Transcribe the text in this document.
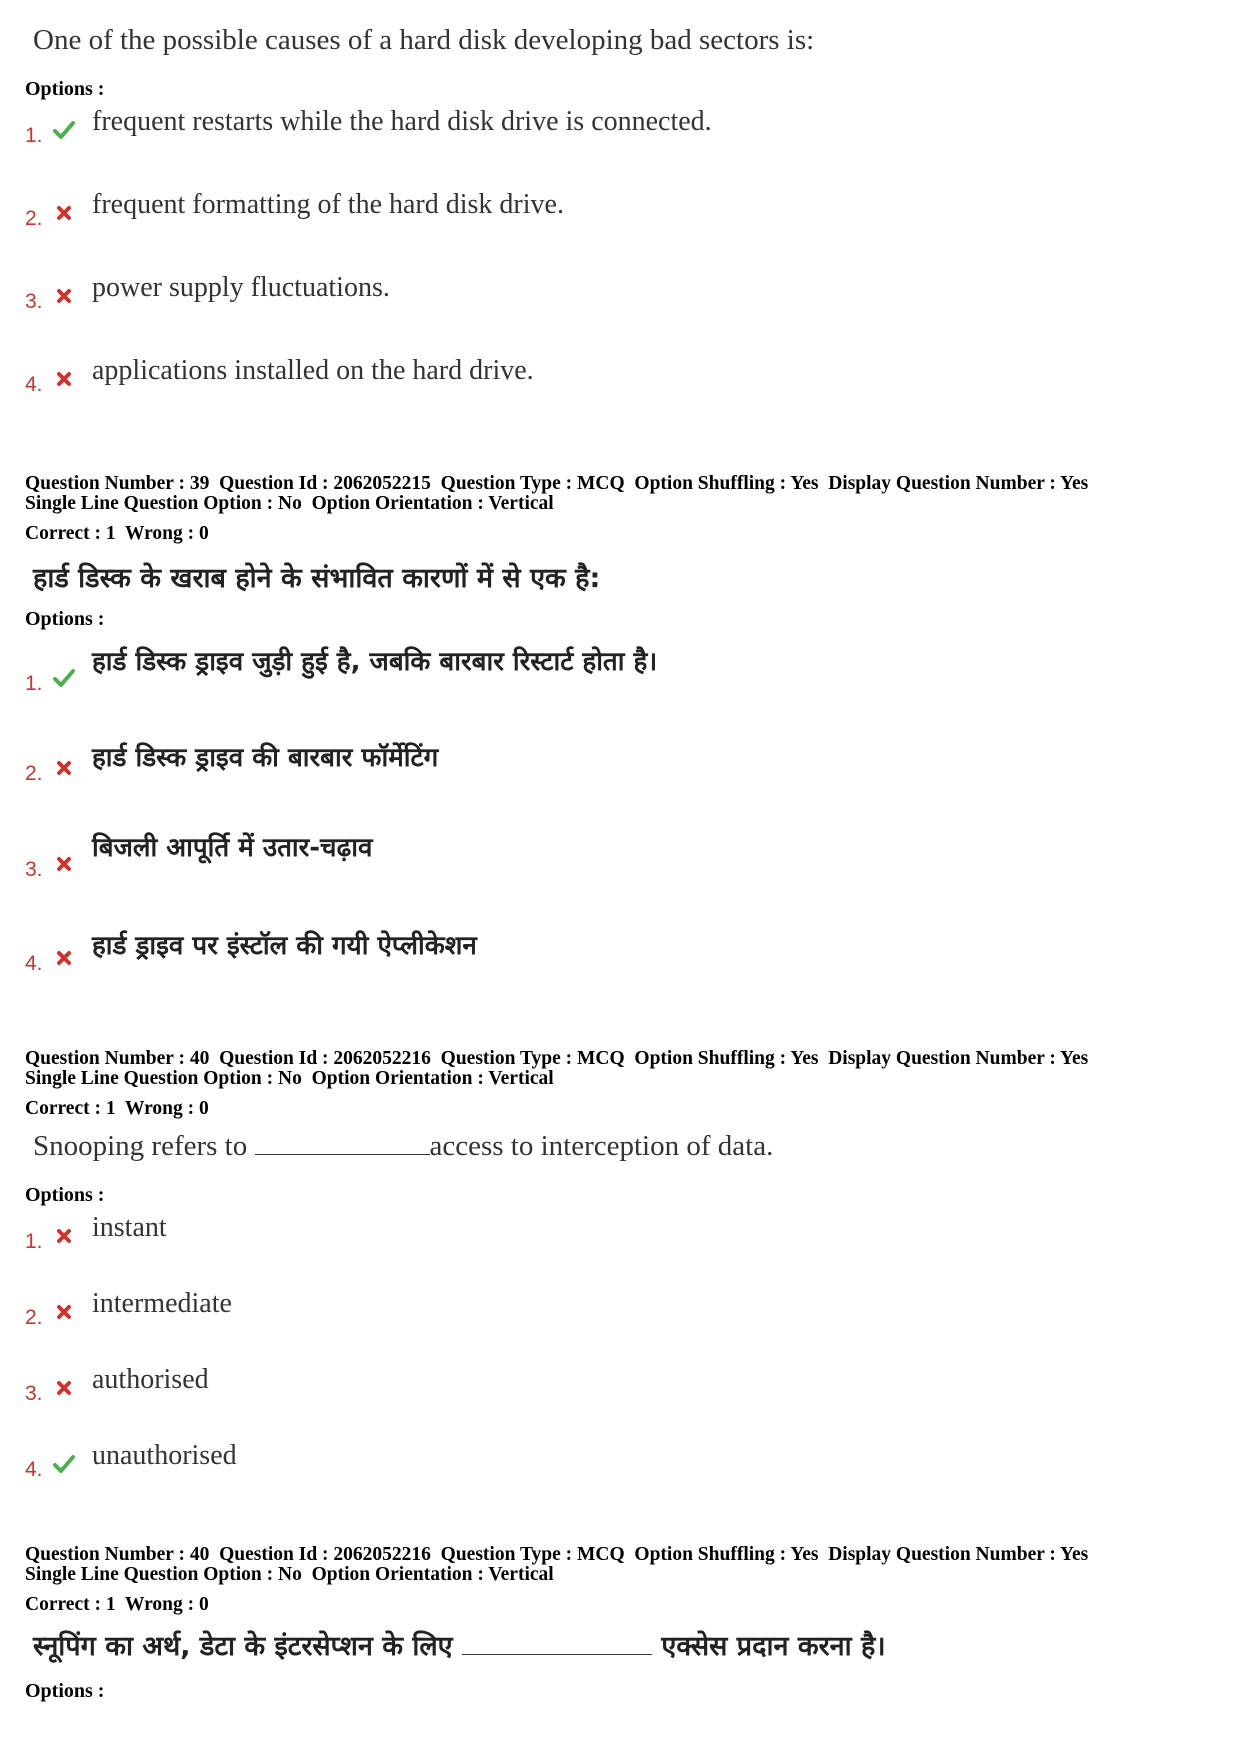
One of the possible causes of a hard disk developing bad sectors is:
Options :
1. frequent restarts while the hard disk drive is connected.
2. frequent formatting of the hard disk drive.
3. power supply fluctuations.
4. applications installed on the hard drive.
Question Number : 39  Question Id : 2062052215  Question Type : MCQ  Option Shuffling : Yes  Display Question Number : Yes
Single Line Question Option : No  Option Orientation : Vertical
Correct : 1  Wrong : 0
हार्ड डिस्क के खराब होने के संभावित कारणों में से एक है:
Options :
1.
हार्ड डिस्क ड्राइव जुड़ी हुई है, जबकि बारबार रिस्टार्ट होता है।
2.
हार्ड डिस्क ड्राइव की बारबार फॉर्मेटिंग
3.
बिजली आपूर्ति में उतार-चढ़ाव
4.
हार्ड ड्राइव पर इंस्टॉल की गयी ऐप्लीकेशन
Question Number : 40  Question Id : 2062052216  Question Type : MCQ  Option Shuffling : Yes  Display Question Number : Yes
Single Line Question Option : No  Option Orientation : Vertical
Correct : 1  Wrong : 0
Snooping refers to	access to interception of data.
Options :
1. instant
2. intermediate
3. authorised
4. unauthorised
Question Number : 40  Question Id : 2062052216  Question Type : MCQ  Option Shuffling : Yes  Display Question Number : Yes
Single Line Question Option : No  Option Orientation : Vertical
Correct : 1  Wrong : 0
स्नूपिंग का अर्थ, डेटा के इंटरसेप्शन के लिए	एक्सेस प्रदान करना है।
Options :
